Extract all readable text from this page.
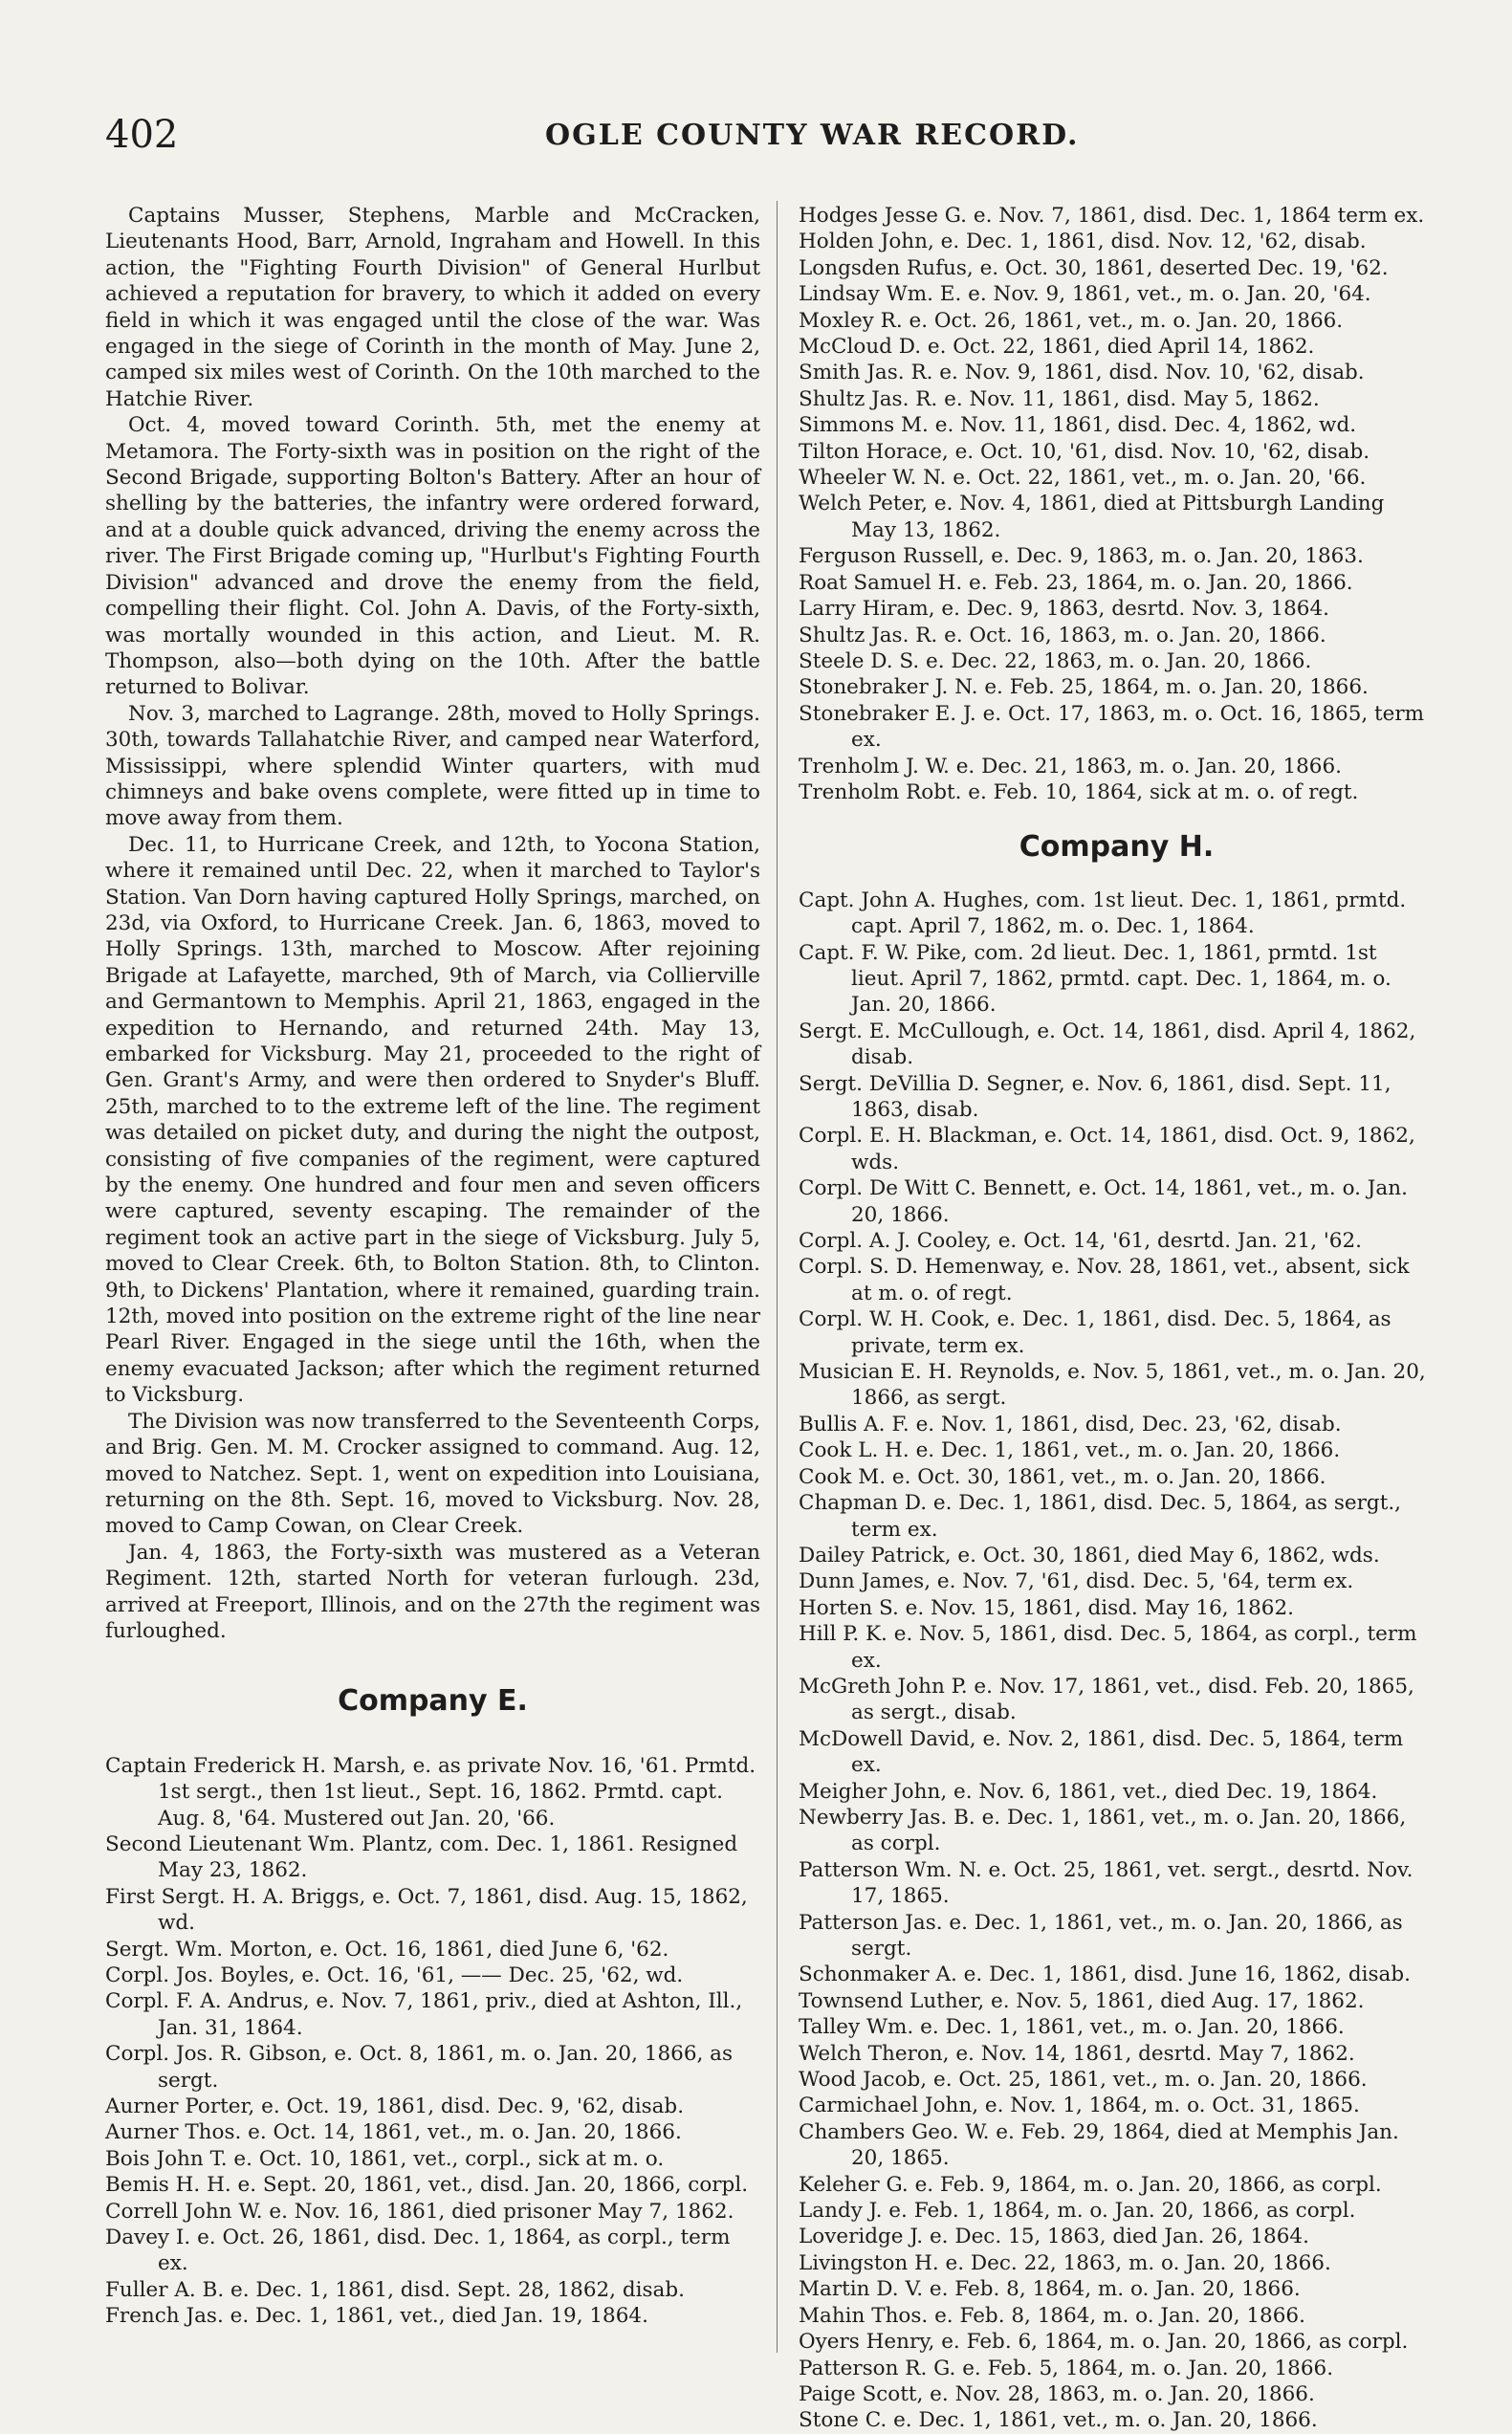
402	OGLE COUNTY WAR RECORD.

Captains Musser, Stephens, Marble and McCracken, Lieutenants Hood, Barr, Arnold, Ingraham and Howell. In this action, the "Fighting Fourth Division" of General Hurlbut achieved a reputation for bravery, to which it added on every field in which it was engaged until the close of the war. Was engaged in the siege of Corinth in the month of May. June 2, camped six miles west of Corinth. On the 10th marched to the Hatchie River.

Oct. 4, moved toward Corinth. 5th, met the enemy at Metamora. The Forty-sixth was in position on the right of the Second Brigade, supporting Bolton's Battery. After an hour of shelling by the batteries, the infantry were ordered forward, and at a double quick advanced, driving the enemy across the river. The First Brigade coming up, "Hurlbut's Fighting Fourth Division" advanced and drove the enemy from the field, compelling their flight. Col. John A. Davis, of the Forty-sixth, was mortally wounded in this action, and Lieut. M. R. Thompson, also—both dying on the 10th. After the battle returned to Bolivar.

Nov. 3, marched to Lagrange. 28th, moved to Holly Springs. 30th, towards Tallahatchie River, and camped near Waterford, Mississippi, where splendid Winter quarters, with mud chimneys and bake ovens complete, were fitted up in time to move away from them.

Dec. 11, to Hurricane Creek, and 12th, to Yocona Station, where it remained until Dec. 22, when it marched to Taylor's Station. Van Dorn having captured Holly Springs, marched, on 23d, via Oxford, to Hurricane Creek. Jan. 6, 1863, moved to Holly Springs. 13th, marched to Moscow. After rejoining Brigade at Lafayette, marched, 9th of March, via Collierville and Germantown to Memphis. April 21, 1863, engaged in the expedition to Hernando, and returned 24th. May 13, embarked for Vicksburg. May 21, proceeded to the right of Gen. Grant's Army, and were then ordered to Snyder's Bluff. 25th, marched to to the extreme left of the line. The regiment was detailed on picket duty, and during the night the outpost, consisting of five companies of the regiment, were captured by the enemy. One hundred and four men and seven officers were captured, seventy escaping. The remainder of the regiment took an active part in the siege of Vicksburg. July 5, moved to Clear Creek. 6th, to Bolton Station. 8th, to Clinton. 9th, to Dickens' Plantation, where it remained, guarding train. 12th, moved into position on the extreme right of the line near Pearl River. Engaged in the siege until the 16th, when the enemy evacuated Jackson; after which the regiment returned to Vicksburg.

The Division was now transferred to the Seventeenth Corps, and Brig. Gen. M. M. Crocker assigned to command. Aug. 12, moved to Natchez. Sept. 1, went on expedition into Louisiana, returning on the 8th. Sept. 16, moved to Vicksburg. Nov. 28, moved to Camp Cowan, on Clear Creek.

Jan. 4, 1863, the Forty-sixth was mustered as a Veteran Regiment. 12th, started North for veteran furlough. 23d, arrived at Freeport, Illinois, and on the 27th the regiment was furloughed.

Company E.

Captain Frederick H. Marsh, e. as private Nov. 16, '61. Prmtd. 1st sergt., then 1st lieut., Sept. 16, 1862. Prmtd. capt. Aug. 8, '64. Mustered out Jan. 20, '66.

Second Lieutenant Wm. Plantz, com. Dec. 1, 1861. Resigned May 23, 1862.

First Sergt. H. A. Briggs, e. Oct. 7, 1861, disd. Aug. 15, 1862, wd.

Sergt. Wm. Morton, e. Oct. 16, 1861, died June 6, '62.

Corpl. Jos. Boyles, e. Oct. 16, '61, —— Dec. 25, '62, wd.

Corpl. F. A. Andrus, e. Nov. 7, 1861, priv., died at Ashton, Ill., Jan. 31, 1864.

Corpl. Jos. R. Gibson, e. Oct. 8, 1861, m. o. Jan. 20, 1866, as sergt.

Aurner Porter, e. Oct. 19, 1861, disd. Dec. 9, '62, disab.

Aurner Thos. e. Oct. 14, 1861, vet., m. o. Jan. 20, 1866.

Bois John T. e. Oct. 10, 1861, vet., corpl., sick at m. o.

Bemis H. H. e. Sept. 20, 1861, vet., disd. Jan. 20, 1866, corpl.

Correll John W. e. Nov. 16, 1861, died prisoner May 7, 1862.

Davey I. e. Oct. 26, 1861, disd. Dec. 1, 1864, as corpl., term ex.

Fuller A. B. e. Dec. 1, 1861, disd. Sept. 28, 1862, disab.

French Jas. e. Dec. 1, 1861, vet., died Jan. 19, 1864.

Hodges Jesse G. e. Nov. 7, 1861, disd. Dec. 1, 1864 term ex.

Holden John, e. Dec. 1, 1861, disd. Nov. 12, '62, disab.

Longsden Rufus, e. Oct. 30, 1861, deserted Dec. 19, '62.

Lindsay Wm. E. e. Nov. 9, 1861, vet., m. o. Jan. 20, '64.

Moxley R. e. Oct. 26, 1861, vet., m. o. Jan. 20, 1866.

McCloud D. e. Oct. 22, 1861, died April 14, 1862.

Smith Jas. R. e. Nov. 9, 1861, disd. Nov. 10, '62, disab.

Shultz Jas. R. e. Nov. 11, 1861, disd. May 5, 1862.

Simmons M. e. Nov. 11, 1861, disd. Dec. 4, 1862, wd.

Tilton Horace, e. Oct. 10, '61, disd. Nov. 10, '62, disab.

Wheeler W. N. e. Oct. 22, 1861, vet., m. o. Jan. 20, '66.

Welch Peter, e. Nov. 4, 1861, died at Pittsburgh Landing May 13, 1862.

Ferguson Russell, e. Dec. 9, 1863, m. o. Jan. 20, 1863.

Roat Samuel H. e. Feb. 23, 1864, m. o. Jan. 20, 1866.

Larry Hiram, e. Dec. 9, 1863, desrtd. Nov. 3, 1864.

Shultz Jas. R. e. Oct. 16, 1863, m. o. Jan. 20, 1866.

Steele D. S. e. Dec. 22, 1863, m. o. Jan. 20, 1866.

Stonebraker J. N. e. Feb. 25, 1864, m. o. Jan. 20, 1866.

Stonebraker E. J. e. Oct. 17, 1863, m. o. Oct. 16, 1865, term ex.

Trenholm J. W. e. Dec. 21, 1863, m. o. Jan. 20, 1866.

Trenholm Robt. e. Feb. 10, 1864, sick at m. o. of regt.

Company H.

Capt. John A. Hughes, com. 1st lieut. Dec. 1, 1861, prmtd. capt. April 7, 1862, m. o. Dec. 1, 1864.

Capt. F. W. Pike, com. 2d lieut. Dec. 1, 1861, prmtd. 1st lieut. April 7, 1862, prmtd. capt. Dec. 1, 1864, m. o. Jan. 20, 1866.

Sergt. E. McCullough, e. Oct. 14, 1861, disd. April 4, 1862, disab.

Sergt. DeVillia D. Segner, e. Nov. 6, 1861, disd. Sept. 11, 1863, disab.

Corpl. E. H. Blackman, e. Oct. 14, 1861, disd. Oct. 9, 1862, wds.

Corpl. De Witt C. Bennett, e. Oct. 14, 1861, vet., m. o. Jan. 20, 1866.

Corpl. A. J. Cooley, e. Oct. 14, '61, desrtd. Jan. 21, '62.

Corpl. S. D. Hemenway, e. Nov. 28, 1861, vet., absent, sick at m. o. of regt.

Corpl. W. H. Cook, e. Dec. 1, 1861, disd. Dec. 5, 1864, as private, term ex.

Musician E. H. Reynolds, e. Nov. 5, 1861, vet., m. o. Jan. 20, 1866, as sergt.

Bullis A. F. e. Nov. 1, 1861, disd, Dec. 23, '62, disab.

Cook L. H. e. Dec. 1, 1861, vet., m. o. Jan. 20, 1866.

Cook M. e. Oct. 30, 1861, vet., m. o. Jan. 20, 1866.

Chapman D. e. Dec. 1, 1861, disd. Dec. 5, 1864, as sergt., term ex.

Dailey Patrick, e. Oct. 30, 1861, died May 6, 1862, wds.

Dunn James, e. Nov. 7, '61, disd. Dec. 5, '64, term ex.

Horten S. e. Nov. 15, 1861, disd. May 16, 1862.

Hill P. K. e. Nov. 5, 1861, disd. Dec. 5, 1864, as corpl., term ex.

McGreth John P. e. Nov. 17, 1861, vet., disd. Feb. 20, 1865, as sergt., disab.

McDowell David, e. Nov. 2, 1861, disd. Dec. 5, 1864, term ex.

Meigher John, e. Nov. 6, 1861, vet., died Dec. 19, 1864.

Newberry Jas. B. e. Dec. 1, 1861, vet., m. o. Jan. 20, 1866, as corpl.

Patterson Wm. N. e. Oct. 25, 1861, vet. sergt., desrtd. Nov. 17, 1865.

Patterson Jas. e. Dec. 1, 1861, vet., m. o. Jan. 20, 1866, as sergt.

Schonmaker A. e. Dec. 1, 1861, disd. June 16, 1862, disab.

Townsend Luther, e. Nov. 5, 1861, died Aug. 17, 1862.

Talley Wm. e. Dec. 1, 1861, vet., m. o. Jan. 20, 1866.

Welch Theron, e. Nov. 14, 1861, desrtd. May 7, 1862.

Wood Jacob, e. Oct. 25, 1861, vet., m. o. Jan. 20, 1866.

Carmichael John, e. Nov. 1, 1864, m. o. Oct. 31, 1865.

Chambers Geo. W. e. Feb. 29, 1864, died at Memphis Jan. 20, 1865.

Keleher G. e. Feb. 9, 1864, m. o. Jan. 20, 1866, as corpl.

Landy J. e. Feb. 1, 1864, m. o. Jan. 20, 1866, as corpl.

Loveridge J. e. Dec. 15, 1863, died Jan. 26, 1864.

Livingston H. e. Dec. 22, 1863, m. o. Jan. 20, 1866.

Martin D. V. e. Feb. 8, 1864, m. o. Jan. 20, 1866.

Mahin Thos. e. Feb. 8, 1864, m. o. Jan. 20, 1866.

Oyers Henry, e. Feb. 6, 1864, m. o. Jan. 20, 1866, as corpl.

Patterson R. G. e. Feb. 5, 1864, m. o. Jan. 20, 1866.

Paige Scott, e. Nov. 28, 1863, m. o. Jan. 20, 1866.

Stone C. e. Dec. 1, 1861, vet., m. o. Jan. 20, 1866.
